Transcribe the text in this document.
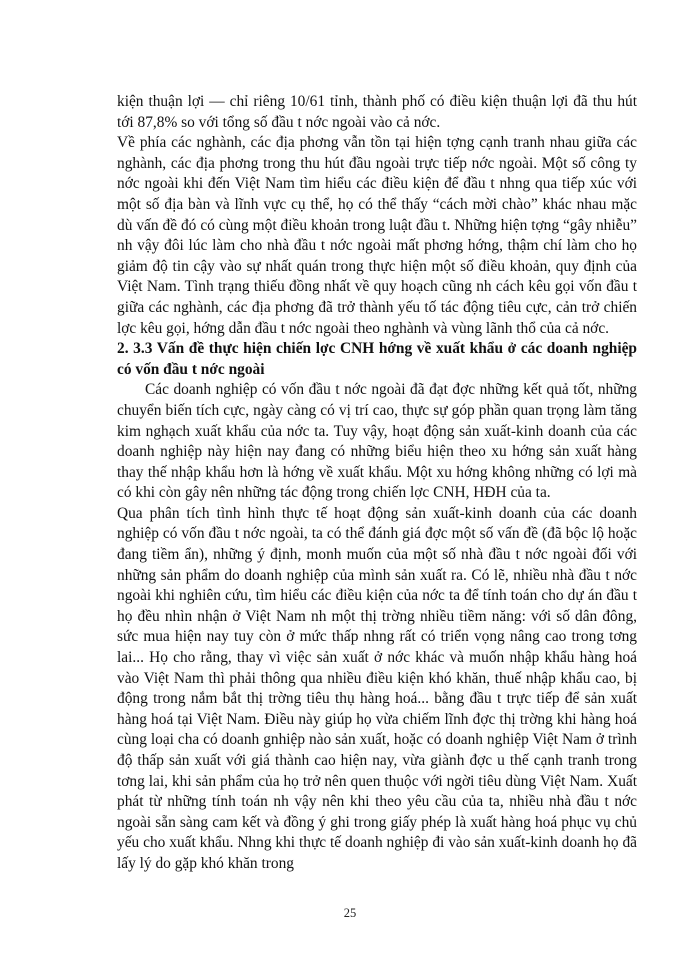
kiện thuận lợi — chỉ riêng 10/61 tỉnh, thành phố có điều kiện thuận lợi đã thu hút tới 87,8% so với tổng số đầu t nớc ngoài vào cả nớc.

Về phía các nghành, các địa phơng vẫn tồn tại hiện tợng cạnh tranh nhau giữa các nghành, các địa phơng trong thu hút đầu ngoài trực tiếp nớc ngoài. Một số công ty nớc ngoài khi đến Việt Nam tìm hiểu các điều kiện để đầu t nhng qua tiếp xúc với một số địa bàn và lĩnh vực cụ thể, họ có thể thấy “cách mời chào” khác nhau mặc dù vấn đề đó có cùng một điều khoản trong luật đầu t. Những hiện tợng “gây nhiễu” nh vậy đôi lúc làm cho nhà đầu t nớc ngoài mất phơng hớng, thậm chí làm cho họ giảm độ tin cậy vào sự nhất quán trong thực hiện một số điều khoản, quy định của Việt Nam. Tình trạng thiếu đồng nhất về quy hoạch cũng nh cách kêu gọi vốn đầu t giữa các nghành, các địa phơng đã trở thành yếu tố tác động tiêu cực, cản trở chiến lợc kêu gọi, hớng dẫn đầu t nớc ngoài theo nghành và vùng lãnh thổ của cả nớc.

2. 3.3 Vấn đề thực hiện chiến lợc CNH hớng về xuất khẩu ở các doanh nghiệp có vốn đầu t nớc ngoài

Các doanh nghiệp có vốn đầu t nớc ngoài đã đạt đợc những kết quả tốt, những chuyển biến tích cực, ngày càng có vị trí cao, thực sự góp phần quan trọng làm tăng kim nghạch xuất khẩu của nớc ta. Tuy vậy, hoạt động sản xuất-kinh doanh của các doanh nghiệp này hiện nay đang có những biểu hiện theo xu hớng sản xuất hàng thay thế nhập khẩu hơn là hớng về xuất khẩu. Một xu hớng không những có lợi mà có khi còn gây nên những tác động trong chiến lợc CNH, HĐH của ta.

Qua phân tích tình hình thực tế hoạt động sản xuất-kinh doanh của các doanh nghiệp có vốn đầu t nớc ngoài, ta có thể đánh giá đợc một số vấn đề (đã bộc lộ hoặc đang tiềm ẩn), những ý định, monh muốn của một số nhà đầu t nớc ngoài đối với những sản phẩm do doanh nghiệp của mình sản xuất ra. Có lẽ, nhiều nhà đầu t nớc ngoài khi nghiên cứu, tìm hiểu các điều kiện của nớc ta để tính toán cho dự án đầu t họ đều nhìn nhận ở Việt Nam nh một thị trờng nhiều tiềm năng: với số dân đông, sức mua hiện nay tuy còn ở mức thấp nhng rất có triển vọng nâng cao trong tơng lai... Họ cho rằng, thay vì việc sản xuất ở nớc khác và muốn nhập khẩu hàng hoá vào Việt Nam thì phải thông qua nhiều điều kiện khó khăn, thuế nhập khẩu cao, bị động trong nắm bắt thị trờng tiêu thụ hàng hoá... bằng đầu t trực tiếp để sản xuất hàng hoá tại Việt Nam. Điều này giúp họ vừa chiếm lĩnh đợc thị trờng khi hàng hoá cùng loại cha có doanh gnhiệp nào sản xuất, hoặc có doanh nghiệp Việt Nam ở trình độ thấp sản xuất với giá thành cao hiện nay, vừa giành đợc u thế cạnh tranh trong tơng lai, khi sản phẩm của họ trở nên quen thuộc với ngời tiêu dùng Việt Nam. Xuất phát từ những tính toán nh vậy nên khi theo yêu cầu của ta, nhiều nhà đầu t nớc ngoài sẵn sàng cam kết và đồng ý ghi trong giấy phép là xuất hàng hoá phục vụ chủ yếu cho xuất khẩu. Nhng khi thực tế doanh nghiệp đi vào sản xuất-kinh doanh họ đã lấy lý do gặp khó khăn trong

25
